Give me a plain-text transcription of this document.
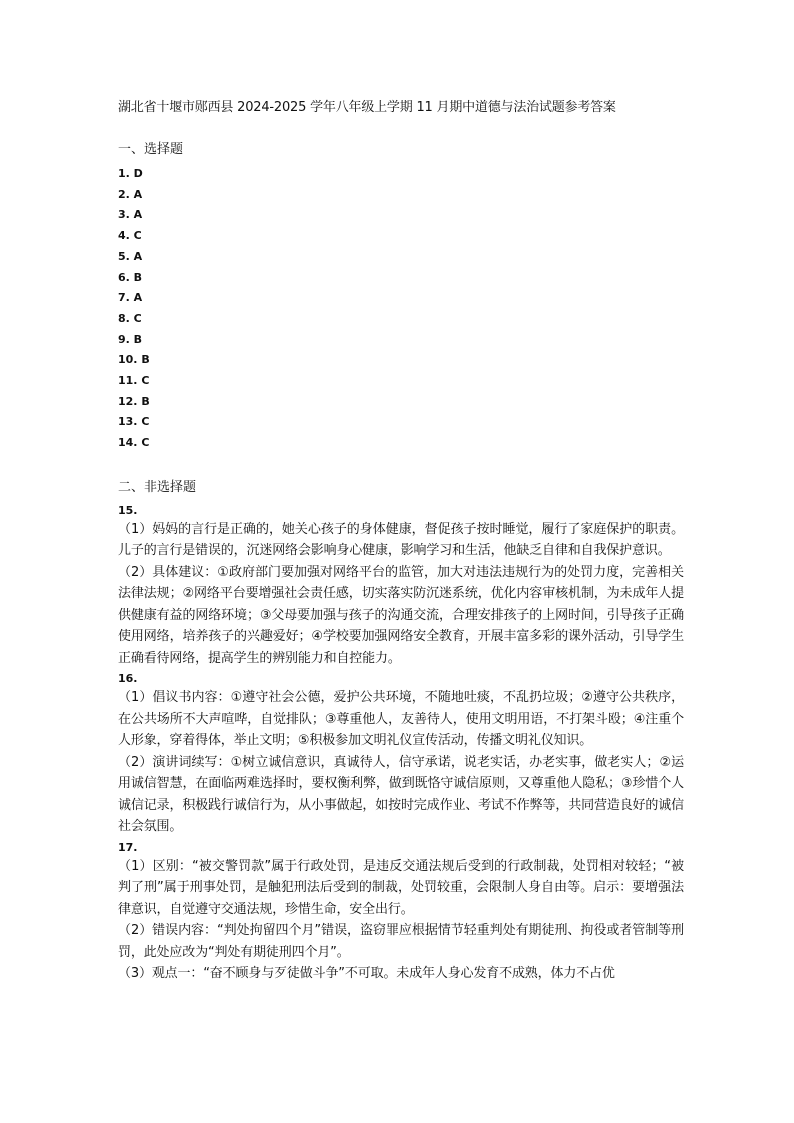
湖北省十堰市郧西县 2024-2025 学年八年级上学期 11 月期中道德与法治试题参考答案
一、选择题
1. D
2. A
3. A
4. C
5. A
6. B
7. A
8. C
9. B
10. B
11. C
12. B
13. C
14. C
二、非选择题
15.

（1）妈妈的言行是正确的，她关心孩子的身体健康，督促孩子按时睡觉，履行了家庭保护的职责。儿子的言行是错误的，沉迷网络会影响身心健康，影响学习和生活，他缺乏自律和自我保护意识。

（2）具体建议：①政府部门要加强对网络平台的监管，加大对违法违规行为的处罚力度，完善相关法律法规；②网络平台要增强社会责任感，切实落实防沉迷系统，优化内容审核机制，为未成年人提供健康有益的网络环境；③父母要加强与孩子的沟通交流，合理安排孩子的上网时间，引导孩子正确使用网络，培养孩子的兴趣爱好；④学校要加强网络安全教育，开展丰富多彩的课外活动，引导学生正确看待网络，提高学生的辨别能力和自控能力。

16.

（1）倡议书内容：①遵守社会公德，爱护公共环境，不随地吐痰，不乱扔垃圾；②遵守公共秩序，在公共场所不大声喧哗，自觉排队；③尊重他人，友善待人，使用文明用语，不打架斗殴；④注重个人形象，穿着得体，举止文明；⑤积极参加文明礼仪宣传活动，传播文明礼仪知识。

（2）演讲词续写：①树立诚信意识，真诚待人，信守承诺，说老实话，办老实事，做老实人；②运用诚信智慧，在面临两难选择时，要权衡利弊，做到既恪守诚信原则，又尊重他人隐私；③珍惜个人诚信记录，积极践行诚信行为，从小事做起，如按时完成作业、考试不作弊等，共同营造良好的诚信社会氛围。

17.

（1）区别：“被交警罚款”属于行政处罚，是违反交通法规后受到的行政制裁，处罚相对较轻；“被判了刑”属于刑事处罚，是触犯刑法后受到的制裁，处罚较重，会限制人身自由等。启示：要增强法律意识，自觉遵守交通法规，珍惜生命，安全出行。

（2）错误内容：“判处拘留四个月”错误，盗窃罪应根据情节轻重判处有期徒刑、拘役或者管制等刑罚，此处应改为“判处有期徒刑四个月”。

（3）观点一：“奋不顾身与歹徒做斗争”不可取。未成年人身心发育不成熟，体力不占优
